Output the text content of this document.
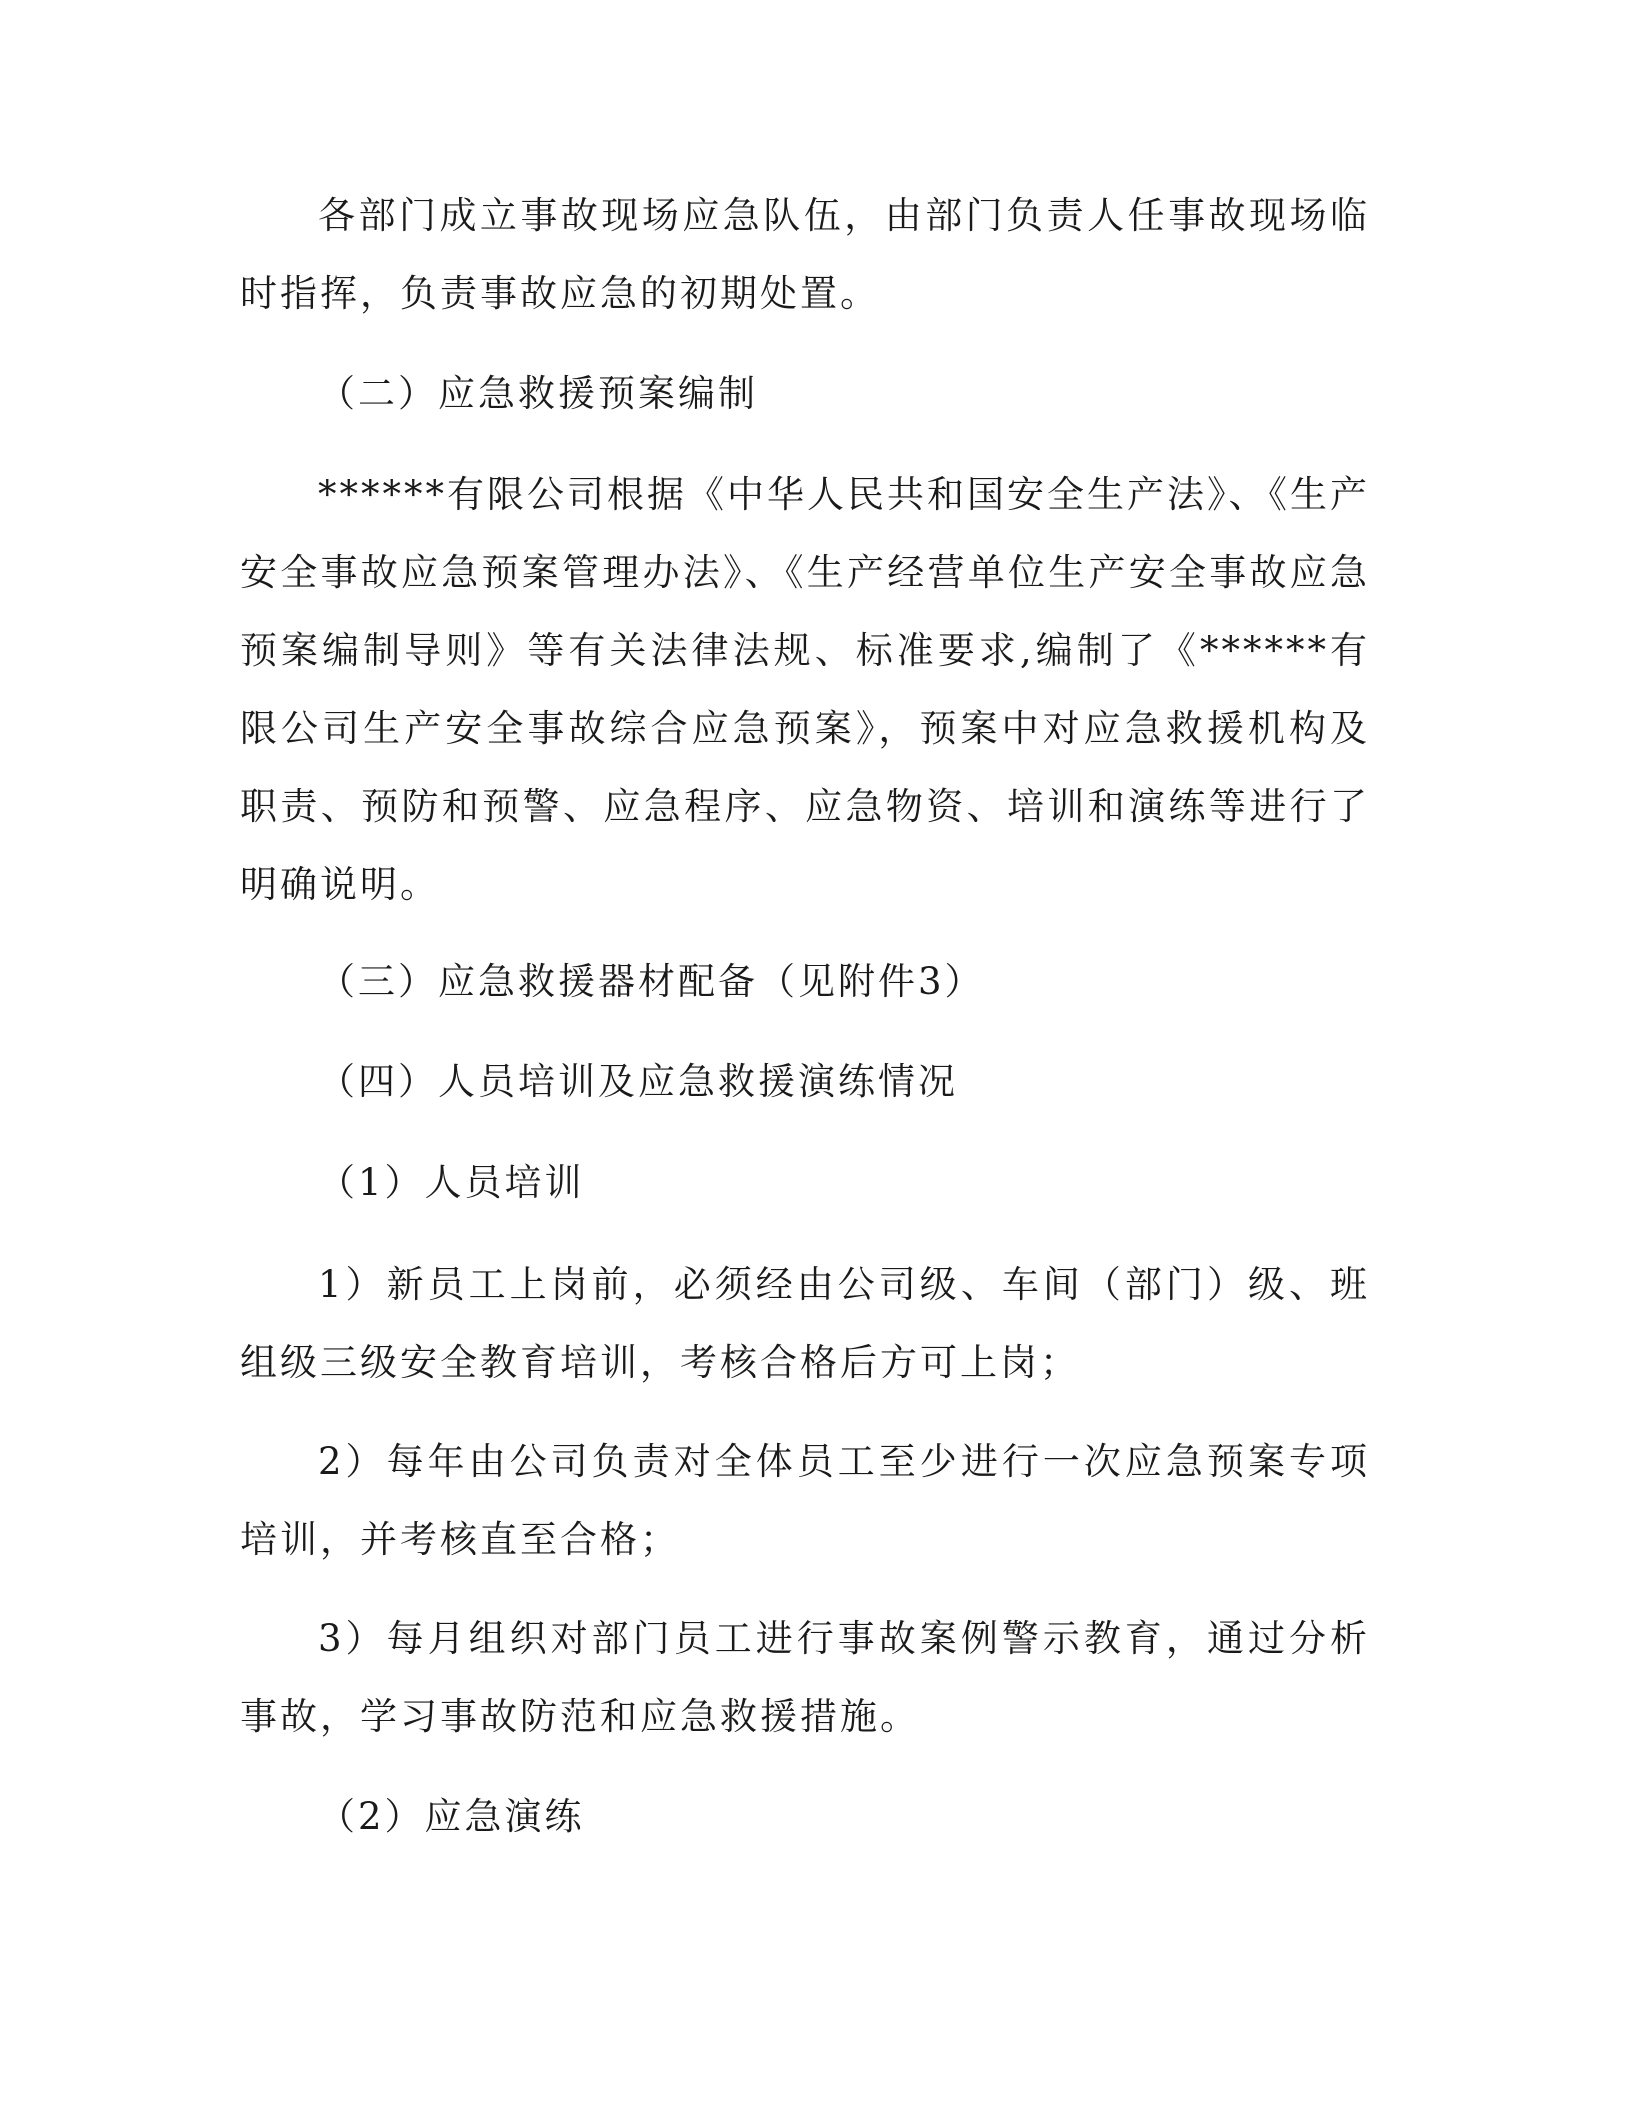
各部门成立事故现场应急队伍，由部门负责人任事故现场临时指挥，负责事故应急的初期处置。

（二）应急救援预案编制

******有限公司根据《中华人民共和国安全生产法》、《生产安全事故应急预案管理办法》、《生产经营单位生产安全事故应急预案编制导则》等有关法律法规、标准要求,编制了《******有限公司生产安全事故综合应急预案》，预案中对应急救援机构及职责、预防和预警、应急程序、应急物资、培训和演练等进行了明确说明。

（三）应急救援器材配备（见附件3）

（四）人员培训及应急救援演练情况

（1）人员培训

1）新员工上岗前，必须经由公司级、车间（部门）级、班组级三级安全教育培训，考核合格后方可上岗；

2）每年由公司负责对全体员工至少进行一次应急预案专项培训，并考核直至合格；

3）每月组织对部门员工进行事故案例警示教育，通过分析事故，学习事故防范和应急救援措施。

（2）应急演练
